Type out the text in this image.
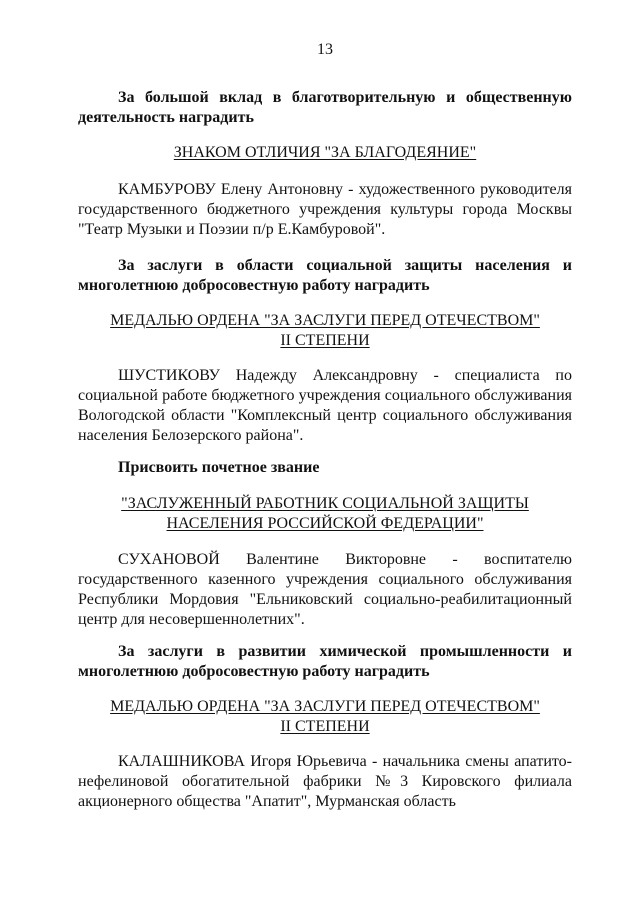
13

За большой вклад в благотворительную и общественную деятельность наградить

ЗНАКОМ ОТЛИЧИЯ "ЗА БЛАГОДЕЯНИЕ"

КАМБУРОВУ Елену Антоновну - художественного руководителя государственного бюджетного учреждения культуры города Москвы "Театр Музыки и Поэзии п/р Е.Камбуровой".

За заслуги в области социальной защиты населения и многолетнюю добросовестную работу наградить

МЕДАЛЬЮ ОРДЕНА "ЗА ЗАСЛУГИ ПЕРЕД ОТЕЧЕСТВОМ"
II СТЕПЕНИ

ШУСТИКОВУ Надежду Александровну - специалиста по социальной работе бюджетного учреждения социального обслуживания Вологодской области "Комплексный центр социального обслуживания населения Белозерского района".

Присвоить почетное звание

"ЗАСЛУЖЕННЫЙ РАБОТНИК СОЦИАЛЬНОЙ ЗАЩИТЫ
НАСЕЛЕНИЯ РОССИЙСКОЙ ФЕДЕРАЦИИ"

СУХАНОВОЙ Валентине Викторовне - воспитателю государственного казенного учреждения социального обслуживания Республики Мордовия "Ельниковский социально-реабилитационный центр для несовершеннолетних".

За заслуги в развитии химической промышленности и многолетнюю добросовестную работу наградить

МЕДАЛЬЮ ОРДЕНА "ЗА ЗАСЛУГИ ПЕРЕД ОТЕЧЕСТВОМ"
II СТЕПЕНИ

КАЛАШНИКОВА Игоря Юрьевича - начальника смены апатито-нефелиновой обогатительной фабрики №3 Кировского филиала акционерного общества "Апатит", Мурманская область
